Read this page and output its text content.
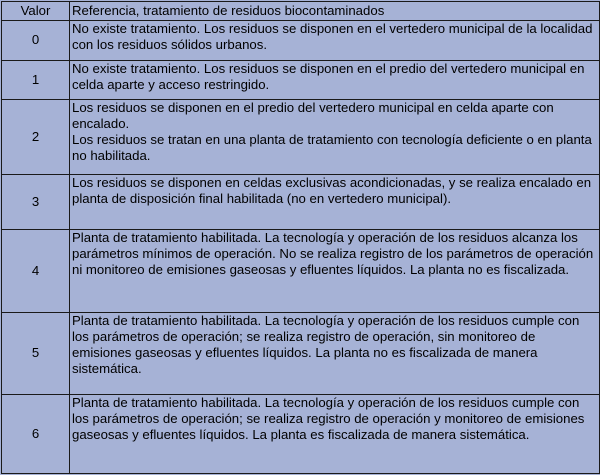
Valor	Referencia, tratamiento de residuos biocontaminados
0	No existe tratamiento. Los residuos se disponen en el vertedero municipal de la localidad con los residuos sólidos urbanos.

1	No existe tratamiento. Los residuos se disponen en el predio del vertedero municipal en celda aparte y acceso restringido.

2	Los residuos se disponen en el predio del vertedero municipal en celda aparte con encalado.
Los residuos se tratan en una planta de tratamiento con tecnología deficiente o en planta no habilitada.

3	Los residuos se disponen en celdas exclusivas acondicionadas, y se realiza encalado en planta de disposición final habilitada (no en vertedero municipal).

4	Planta de tratamiento habilitada. La tecnología y operación de los residuos alcanza los parámetros mínimos de operación. No se realiza registro de los parámetros de operación ni monitoreo de emisiones gaseosas y efluentes líquidos. La planta no es fiscalizada.

5	Planta de tratamiento habilitada. La tecnología y operación de los residuos cumple con los parámetros de operación; se realiza registro de operación, sin monitoreo de emisiones gaseosas y efluentes líquidos. La planta no es fiscalizada de manera sistemática.

6	Planta de tratamiento habilitada. La tecnología y operación de los residuos cumple con los parámetros de operación; se realiza registro de operación y monitoreo de emisiones gaseosas y efluentes líquidos. La planta es fiscalizada de manera sistemática.
